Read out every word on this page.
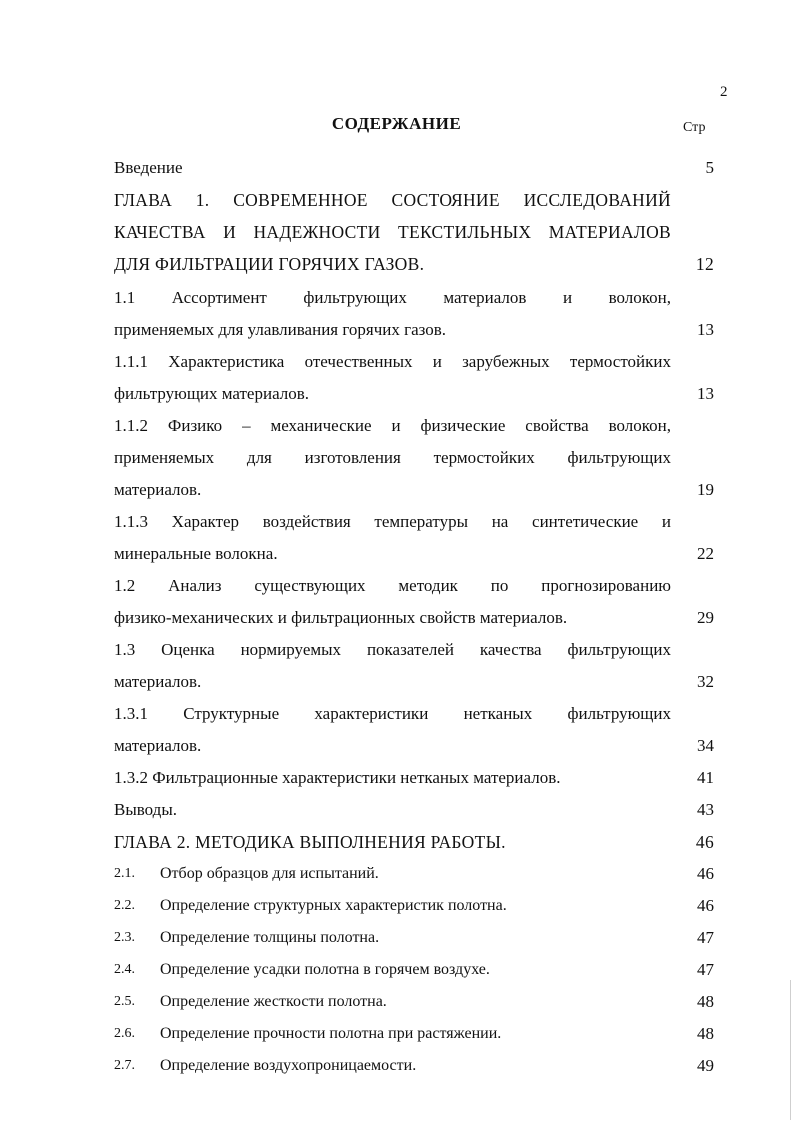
2
СОДЕРЖАНИЕ	Стр
Введение	5
ГЛАВА 1. СОВРЕМЕННОЕ СОСТОЯНИЕ ИССЛЕДОВАНИЙ
КАЧЕСТВА И НАДЕЖНОСТИ ТЕКСТИЛЬНЫХ МАТЕРИАЛОВ
ДЛЯ ФИЛЬТРАЦИИ ГОРЯЧИХ ГАЗОВ.	12
1.1 Ассортимент фильтрующих материалов и волокон,
применяемых для улавливания горячих газов.	13
1.1.1 Характеристика отечественных и зарубежных термостойких
фильтрующих материалов.	13
1.1.2 Физико – механические и физические свойства волокон,
применяемых для изготовления термостойких фильтрующих
материалов.	19
1.1.3 Характер воздействия температуры на синтетические и
минеральные волокна.	22
1.2 Анализ существующих методик по прогнозированию
физико-механических и фильтрационных свойств материалов.	29
1.3 Оценка нормируемых показателей качества фильтрующих
материалов.	32
1.3.1 Структурные характеристики нетканых фильтрующих
материалов.	34
1.3.2 Фильтрационные характеристики нетканых материалов.	41
Выводы.	43
ГЛАВА 2. МЕТОДИКА ВЫПОЛНЕНИЯ РАБОТЫ.	46
2.1. Отбор образцов для испытаний.	46
2.2. Определение структурных характеристик полотна.	46
2.3. Определение толщины полотна.	47
2.4. Определение усадки полотна в горячем воздухе.	47
2.5. Определение жесткости полотна.	48
2.6. Определение прочности полотна при растяжении.	48
2.7. Определение воздухопроницаемости.	49
